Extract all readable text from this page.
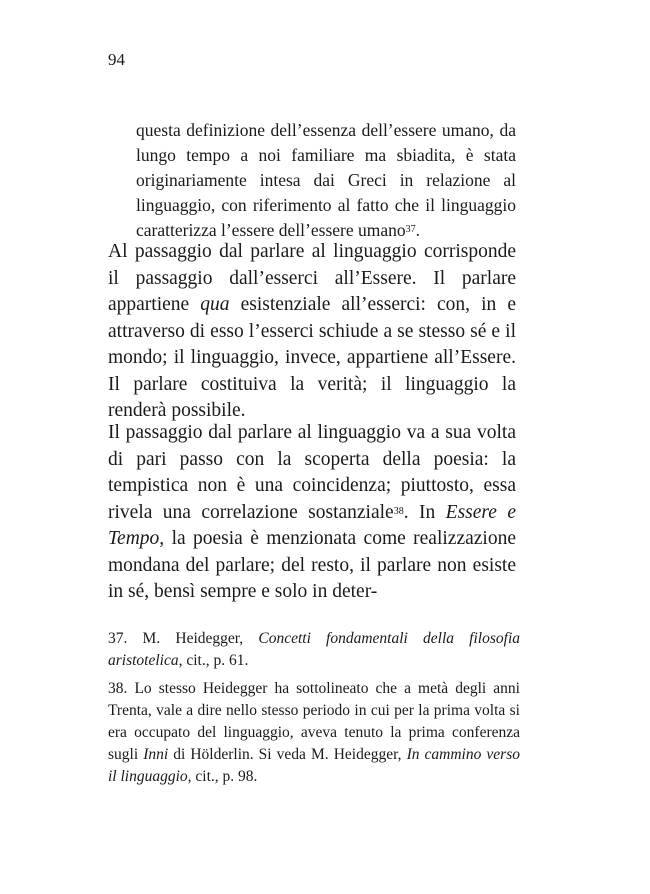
94

questa definizione dell’essenza dell’essere umano, da lungo tempo a noi familiare ma sbiadita, è stata originariamente intesa dai Greci in relazione al linguaggio, con riferimento al fatto che il linguaggio caratterizza l’essere dell’essere umano$^{37}$.

Al passaggio dal parlare al linguaggio corrisponde il passaggio dall’esserci all’Essere. Il parlare appartiene qua esistenziale all’esserci: con, in e attraverso di esso l’esserci schiude a se stesso sé e il mondo; il linguaggio, invece, appartiene all’Essere. Il parlare costituiva la verità; il linguaggio la renderà possibile.

Il passaggio dal parlare al linguaggio va a sua volta di pari passo con la scoperta della poesia: la tempistica non è una coincidenza; piuttosto, essa rivela una correlazione sostanziale$^{38}$. In Essere e Tempo, la poesia è menzionata come realizzazione mondana del parlare; del resto, il parlare non esiste in sé, bensì sempre e solo in deter-

37. M. Heidegger, Concetti fondamentali della filosofia aristotelica, cit., p. 61.

38. Lo stesso Heidegger ha sottolineato che a metà degli anni Trenta, vale a dire nello stesso periodo in cui per la prima volta si era occupato del linguaggio, aveva tenuto la prima conferenza sugli Inni di Hölderlin. Si veda M. Heidegger, In cammino verso il linguaggio, cit., p. 98.
